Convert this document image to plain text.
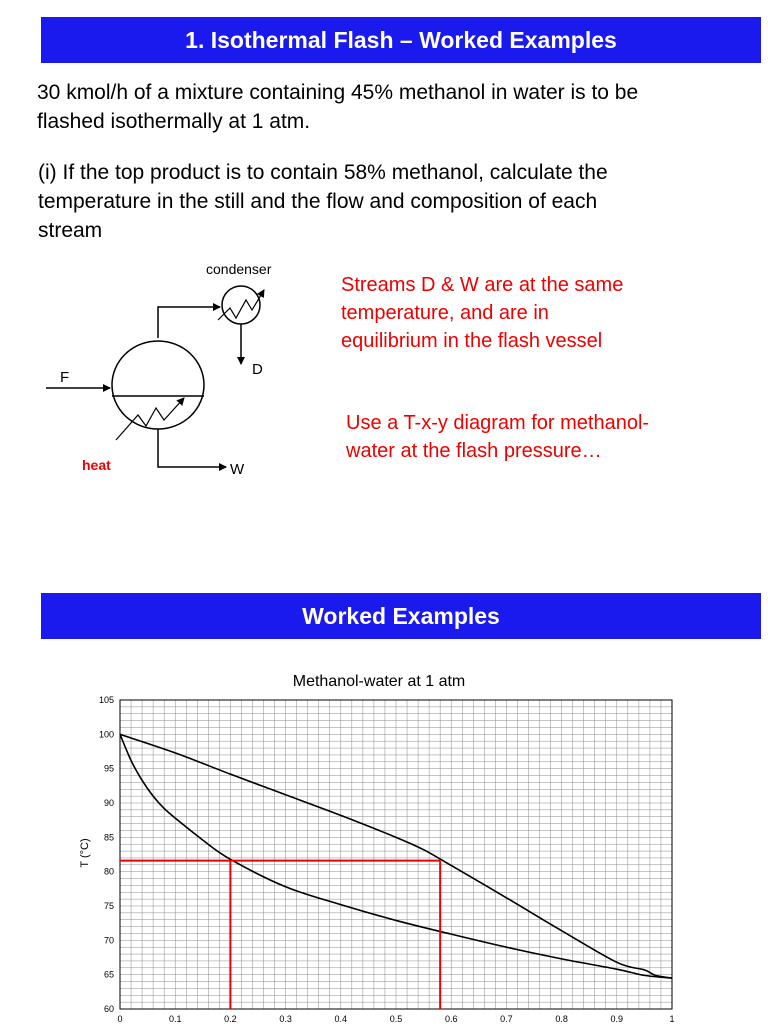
1. Isothermal Flash – Worked Examples
30 kmol/h of a mixture containing 45% methanol in water is to be
flashed isothermally at 1 atm.
(i) If the top product is to contain 58% methanol, calculate the
temperature in the still and the flow and composition of each
stream
condenser
D
F
heat	W
Streams D & W are at the same
temperature, and are in
equilibrium in the flash vessel
Use a T-x-y diagram for methanol-
water at the flash pressure…
Worked Examples
Methanol-water at 1 atm
T (°C)
105
100
95
90
85
80
75
70
65
60
0	0.1	0.2	0.3	0.4	0.5	0.6	0.7	0.8	0.9	1
